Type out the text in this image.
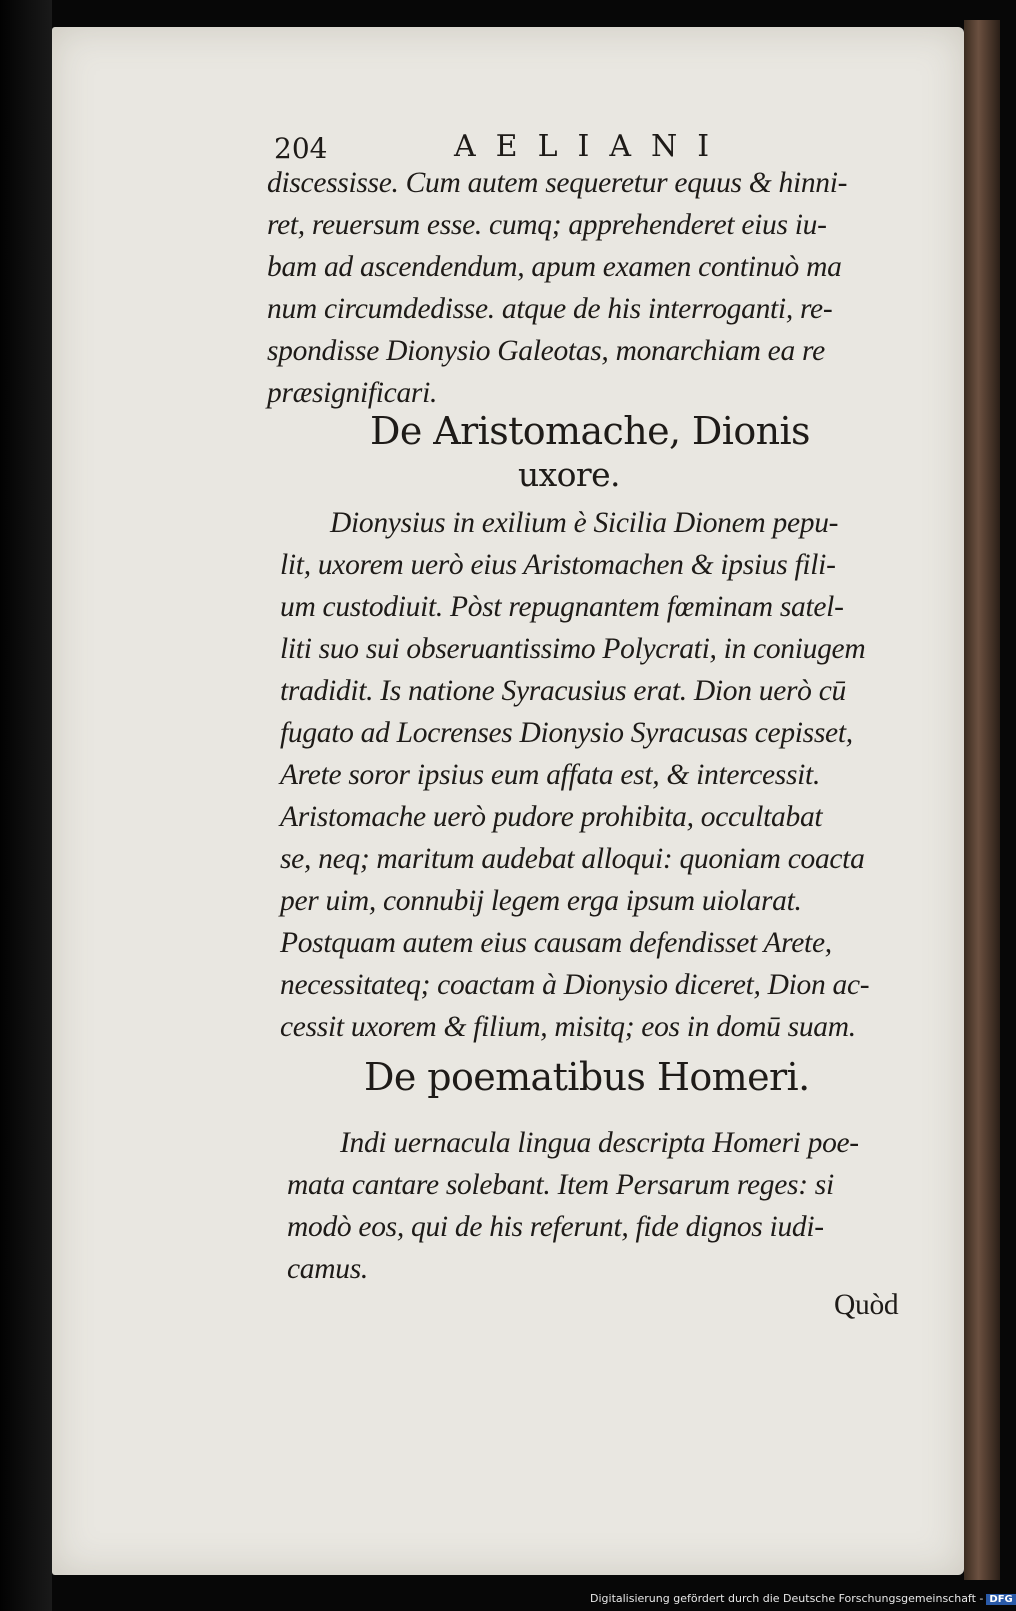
204	AELIANI
discessisse. Cum autem sequeretur equus & hinni-
ret, reuersum esse. cumq; apprehenderet eius iu-
bam ad ascendendum, apum examen continuò ma
num circumdedisse. atque de his interroganti, re-
spondisse Dionysio Galeotas, monarchiam ea re
præsignificari.
De Aristomache, Dionis
uxore.
Dionysius in exilium è Sicilia Dionem pepu-
lit, uxorem uerò eius Aristomachen & ipsius fili-
um custodiuit. Pòst repugnantem fœminam satel-
liti suo sui obseruantissimo Polycrati, in coniugem
tradidit. Is natione Syracusius erat. Dion uerò cū
fugato ad Locrenses Dionysio Syracusas cepisset,
Arete soror ipsius eum affata est, & intercessit.
Aristomache uerò pudore prohibita, occultabat
se, neq; maritum audebat alloqui: quoniam coacta
per uim, connubij legem erga ipsum uiolarat.
Postquam autem eius causam defendisset Arete,
necessitateq; coactam à Dionysio diceret, Dion ac-
cessit uxorem & filium, misitq; eos in domū suam.
De poematibus Homeri.
Indi uernacula lingua descripta Homeri poe-
mata cantare solebant. Item Persarum reges: si
modò eos, qui de his referunt, fide dignos iudi-
camus.
Quòd
Digitalisierung gefördert durch die Deutsche Forschungsgemeinschaft - DFG
